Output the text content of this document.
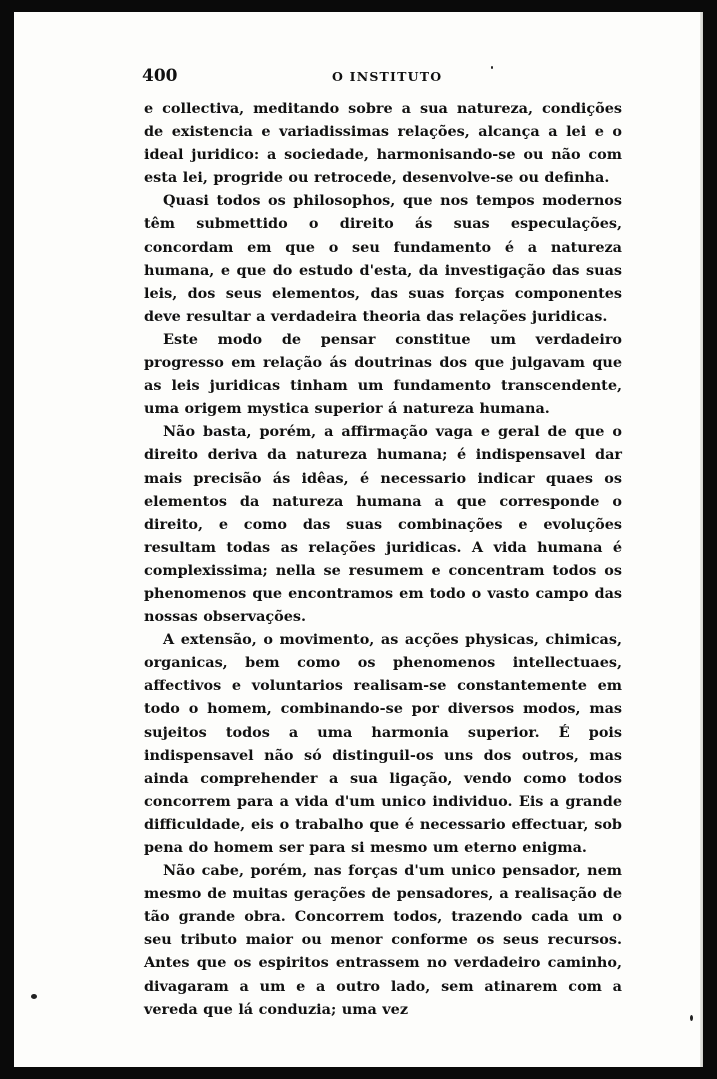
400	O INSTITUTO

e collectiva, meditando sobre a sua natureza, condições de existencia e variadissimas relações, alcança a lei e o ideal juridico: a sociedade, harmonisando-se ou não com esta lei, progride ou retrocede, desenvolve-se ou definha.

Quasi todos os philosophos, que nos tempos modernos têm submettido o direito ás suas especulações, concordam em que o seu fundamento é a natureza humana, e que do estudo d'esta, da investigação das suas leis, dos seus elementos, das suas forças componentes deve resultar a verdadeira theoria das relações juridicas.

Este modo de pensar constitue um verdadeiro progresso em relação ás doutrinas dos que julgavam que as leis juridicas tinham um fundamento transcendente, uma origem mystica superior á natureza humana.

Não basta, porém, a affirmação vaga e geral de que o direito deriva da natureza humana; é indispensavel dar mais precisão ás idêas, é necessario indicar quaes os elementos da natureza humana a que corresponde o direito, e como das suas combinações e evoluções resultam todas as relações juridicas. A vida humana é complexissima; nella se resumem e concentram todos os phenomenos que encontramos em todo o vasto campo das nossas observações.

A extensão, o movimento, as acções physicas, chimicas, organicas, bem como os phenomenos intellectuaes, affectivos e voluntarios realisam-se constantemente em todo o homem, combinando-se por diversos modos, mas sujeitos todos a uma harmonia superior. É pois indispensavel não só distinguil-os uns dos outros, mas ainda comprehender a sua ligação, vendo como todos concorrem para a vida d'um unico individuo. Eis a grande difficuldade, eis o trabalho que é necessario effectuar, sob pena do homem ser para si mesmo um eterno enigma.

Não cabe, porém, nas forças d'um unico pensador, nem mesmo de muitas gerações de pensadores, a realisação de tão grande obra. Concorrem todos, trazendo cada um o seu tributo maior ou menor conforme os seus recursos. Antes que os espiritos entrassem no verdadeiro caminho, divagaram a um e a outro lado, sem atinarem com a vereda que lá conduzia; uma vez
